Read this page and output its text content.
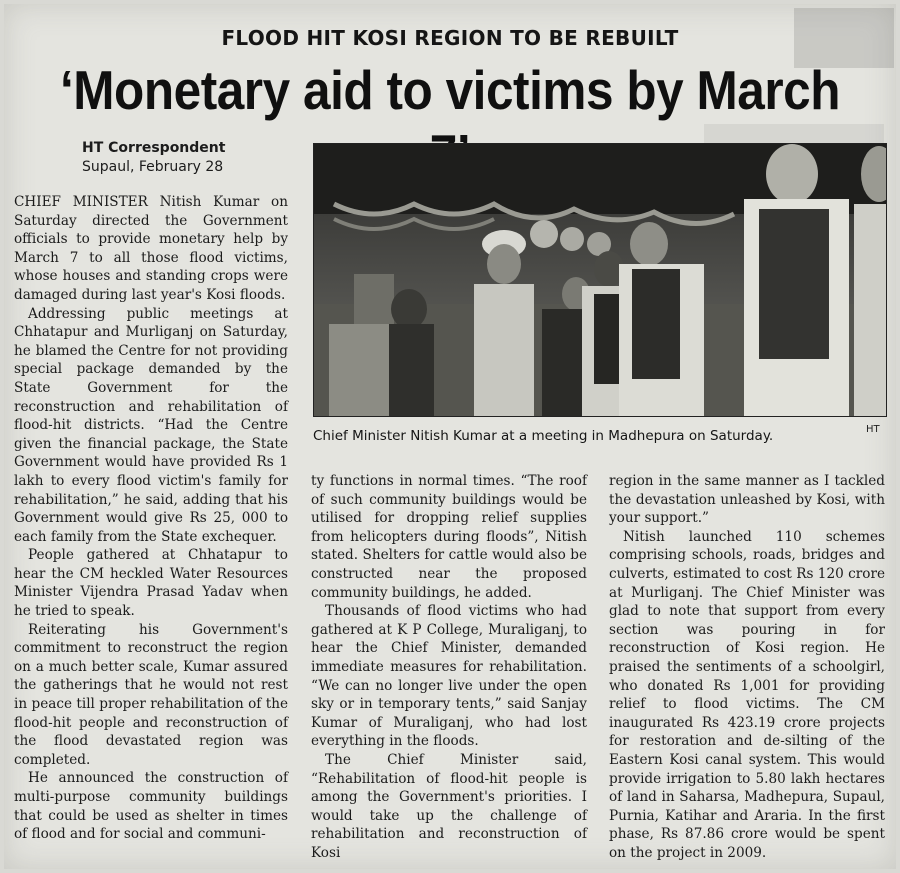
FLOOD HIT KOSI REGION TO BE REBUILT
‘Monetary aid to victims by March
HT Correspondent
Supaul, February 28
Chief Minister Nitish Kumar at a meeting in Madhepura on Saturday.	HT

CHIEF MINISTER Nitish Kumar on Saturday directed the Government officials to provide monetary help by March 7 to all those flood victims, whose houses and standing crops were damaged during last year's Kosi floods.

Addressing public meetings at Chhatapur and Murliganj on Saturday, he blamed the Centre for not providing special package demanded by the State Government for the reconstruction and rehabilitation of flood-hit districts. “Had the Centre given the financial package, the State Government would have provided Rs 1 lakh to every flood victim's family for rehabilitation,” he said, adding that his Government would give Rs 25, 000 to each family from the State exchequer.

People gathered at Chhatapur to hear the CM heckled Water Resources Minister Vijendra Prasad Yadav when he tried to speak.

Reiterating his Government's commitment to reconstruct the region on a much better scale, Kumar assured the gatherings that he would not rest in peace till proper rehabilitation of the flood-hit people and reconstruction of the flood devastated region was completed.

He announced the construction of multi-purpose community buildings that could be used as shelter in times of flood and for social and communi-

ty functions in normal times. “The roof of such community buildings would be utilised for dropping relief supplies from helicopters during floods”, Nitish stated. Shelters for cattle would also be constructed near the proposed community buildings, he added.

Thousands of flood victims who had gathered at K P College, Muraliganj, to hear the Chief Minister, demanded immediate measures for rehabilitation. “We can no longer live under the open sky or in temporary tents,” said Sanjay Kumar of Muraliganj, who had lost everything in the floods.

The Chief Minister said, “Rehabilitation of flood-hit people is among the Government's priorities. I would take up the challenge of rehabilitation and reconstruction of Kosi

region in the same manner as I tackled the devastation unleashed by Kosi, with your support.”

Nitish launched 110 schemes comprising schools, roads, bridges and culverts, estimated to cost Rs 120 crore at Murliganj. The Chief Minister was glad to note that support from every section was pouring in for reconstruction of Kosi region. He praised the sentiments of a schoolgirl, who donated Rs 1,001 for providing relief to flood victims. The CM inaugurated Rs 423.19 crore projects for restoration and de-silting of the Eastern Kosi canal system. This would provide irrigation to 5.80 lakh hectares of land in Saharsa, Madhepura, Supaul, Purnia, Katihar and Araria. In the first phase, Rs 87.86 crore would be spent on the project in 2009.
